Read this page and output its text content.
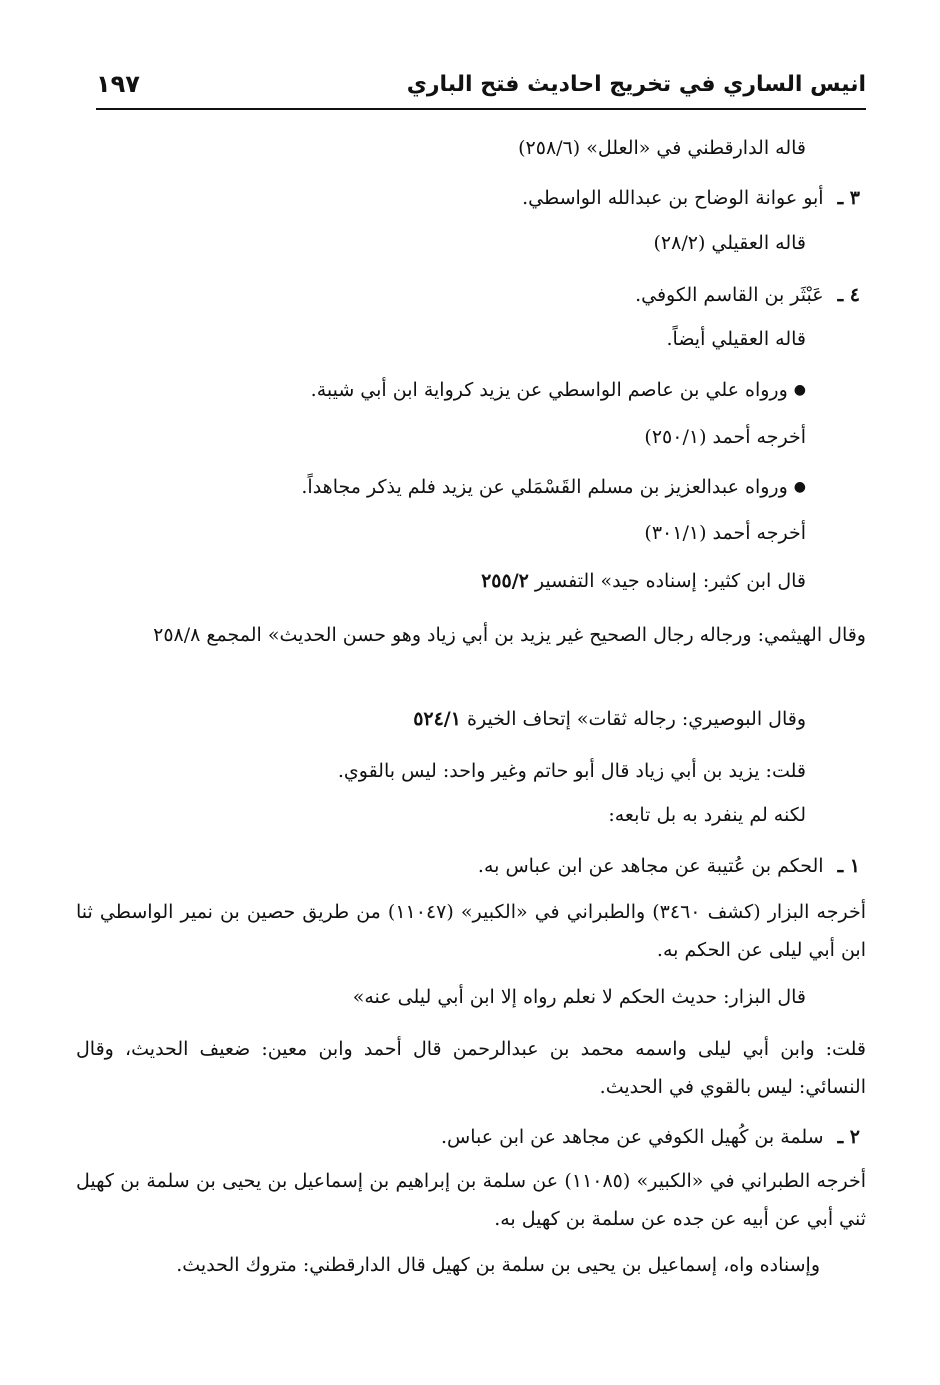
انيس الساري في تخريج احاديث فتح الباري
١٩٧
قاله الدارقطني في «العلل» (٢٥٨/٦)
٣ ـأبو عوانة الوضاح بن عبدالله الواسطي.
قاله العقيلي (٢٨/٢)
٤ ـعَبْثَر بن القاسم الكوفي.
قاله العقيلي أيضاً.
●ورواه علي بن عاصم الواسطي عن يزيد كرواية ابن أبي شيبة.
أخرجه أحمد (٢٥٠/١)
●ورواه عبدالعزيز بن مسلم القَسْمَلي عن يزيد فلم يذكر مجاهداً.
أخرجه أحمد (٣٠١/١)
قال ابن كثير: إسناده جيد» التفسير ٢٥٥/٢
وقال الهيثمي: ورجاله رجال الصحيح غير يزيد بن أبي زياد وهو حسن الحديث» المجمع ٢٥٨/٨
وقال البوصيري: رجاله ثقات» إتحاف الخيرة ٥٢٤/١
قلت: يزيد بن أبي زياد قال أبو حاتم وغير واحد: ليس بالقوي.
لكنه لم ينفرد به بل تابعه:
١ ـالحكم بن عُتيبة عن مجاهد عن ابن عباس به.
أخرجه البزار (كشف ٣٤٦٠) والطبراني في «الكبير» (١١٠٤٧) من طريق حصين بن نمير الواسطي ثنا ابن أبي ليلى عن الحكم به.
قال البزار: حديث الحكم لا نعلم رواه إلا ابن أبي ليلى عنه»
قلت: وابن أبي ليلى واسمه محمد بن عبدالرحمن قال أحمد وابن معين: ضعيف الحديث، وقال النسائي: ليس بالقوي في الحديث.
٢ ـسلمة بن كُهيل الكوفي عن مجاهد عن ابن عباس.
أخرجه الطبراني في «الكبير» (١١٠٨٥) عن سلمة بن إبراهيم بن إسماعيل بن يحيى بن سلمة بن كهيل ثني أبي عن أبيه عن جده عن سلمة بن كهيل به.
وإسناده واه، إسماعيل بن يحيى بن سلمة بن كهيل قال الدارقطني: متروك الحديث.
